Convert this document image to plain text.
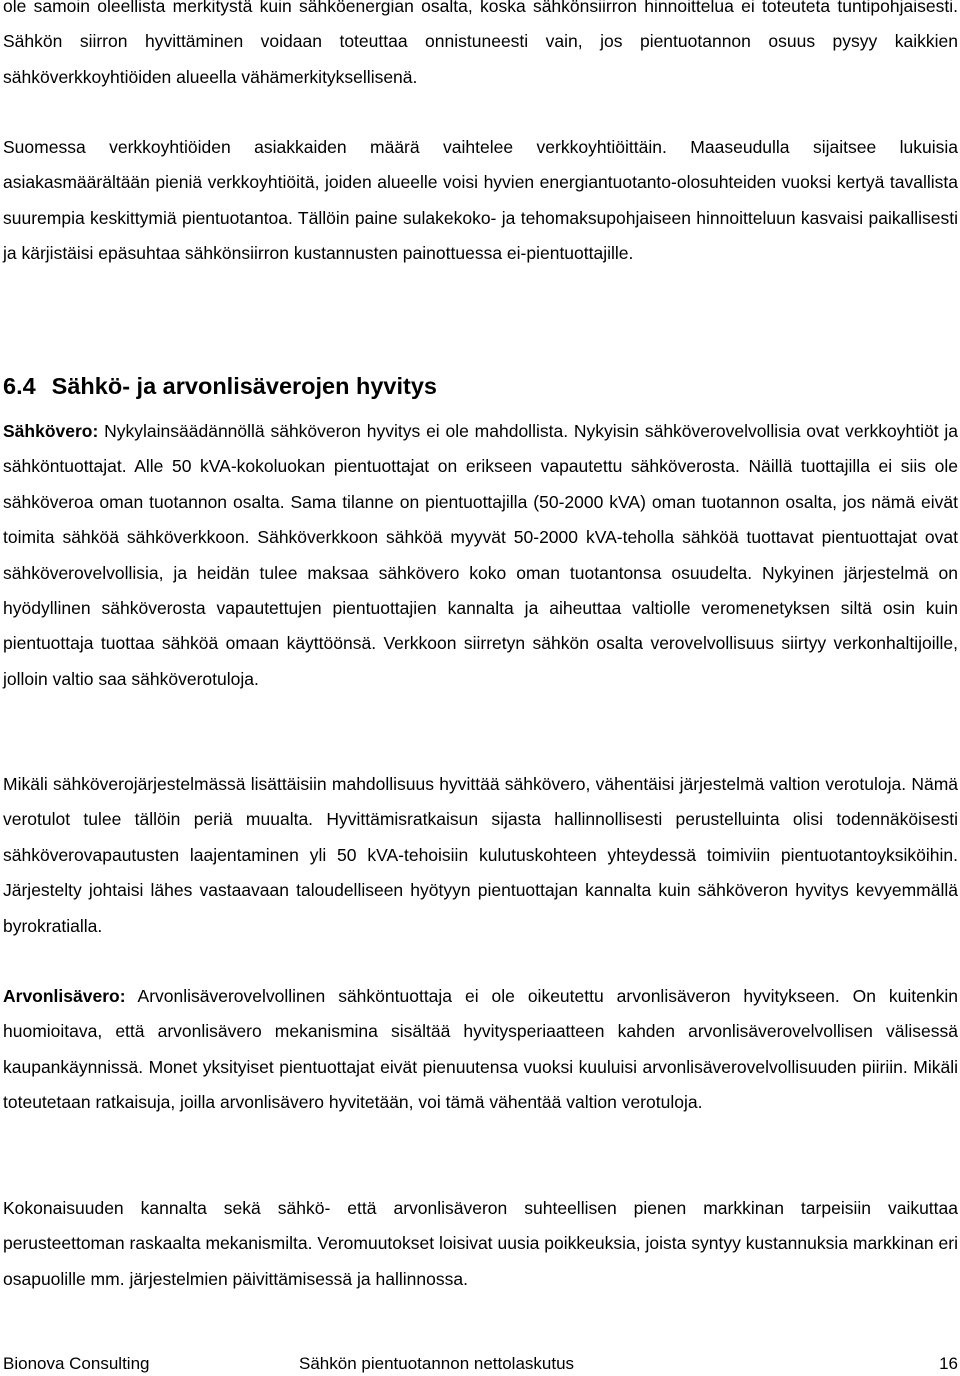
ole samoin oleellista merkitystä kuin sähköenergian osalta, koska sähkönsiirron hinnoittelua ei toteuteta tuntipohjaisesti. Sähkön siirron hyvittäminen voidaan toteuttaa onnistuneesti vain, jos pientuotannon osuus pysyy kaikkien sähköverkkoyhtiöiden alueella vähämerkityksellisenä.

Suomessa verkkoyhtiöiden asiakkaiden määrä vaihtelee verkkoyhtiöittäin. Maaseudulla sijaitsee lukuisia asiakasmäärältään pieniä verkkoyhtiöitä, joiden alueelle voisi hyvien energiantuotanto-olosuhteiden vuoksi kertyä tavallista suurempia keskittymiä pientuotantoa. Tällöin paine sulakekoko- ja tehomaksupohjaiseen hinnoitteluun kasvaisi paikallisesti ja kärjistäisi epäsuhtaa sähkönsiirron kustannusten painottuessa ei-pientuottajille.

6.4 Sähkö- ja arvonlisäverojen hyvitys

Sähkövero: Nykylainsäädännöllä sähköveron hyvitys ei ole mahdollista. Nykyisin sähköverovelvollisia ovat verkkoyhtiöt ja sähköntuottajat. Alle 50 kVA-kokoluokan pientuottajat on erikseen vapautettu sähköverosta. Näillä tuottajilla ei siis ole sähköveroa oman tuotannon osalta. Sama tilanne on pientuottajilla (50-2000 kVA) oman tuotannon osalta, jos nämä eivät toimita sähköä sähköverkkoon. Sähköverkkoon sähköä myyvät 50-2000 kVA-teholla sähköä tuottavat pientuottajat ovat sähköverovelvollisia, ja heidän tulee maksaa sähkövero koko oman tuotantonsa osuudelta. Nykyinen järjestelmä on hyödyllinen sähköverosta vapautettujen pientuottajien kannalta ja aiheuttaa valtiolle veromenetyksen siltä osin kuin pientuottaja tuottaa sähköä omaan käyttöönsä. Verkkoon siirretyn sähkön osalta verovelvollisuus siirtyy verkonhaltijoille, jolloin valtio saa sähköverotuloja.

Mikäli sähköverojärjestelmässä lisättäisiin mahdollisuus hyvittää sähkövero, vähentäisi järjestelmä valtion verotuloja. Nämä verotulot tulee tällöin periä muualta. Hyvittämisratkaisun sijasta hallinnollisesti perustelluinta olisi todennäköisesti sähköverovapautusten laajentaminen yli 50 kVA-tehoisiin kulutuskohteen yhteydessä toimiviin pientuotantoyksiköihin. Järjestelty johtaisi lähes vastaavaan taloudelliseen hyötyyn pientuottajan kannalta kuin sähköveron hyvitys kevyemmällä byrokratialla.

Arvonlisävero: Arvonlisäverovelvollinen sähköntuottaja ei ole oikeutettu arvonlisäveron hyvitykseen. On kuitenkin huomioitava, että arvonlisävero mekanismina sisältää hyvitysperiaatteen kahden arvonlisäverovelvollisen välisessä kaupankäynnissä. Monet yksityiset pientuottajat eivät pienuutensa vuoksi kuuluisi arvonlisäverovelvollisuuden piiriin. Mikäli toteutetaan ratkaisuja, joilla arvonlisävero hyvitetään, voi tämä vähentää valtion verotuloja.

Kokonaisuuden kannalta sekä sähkö- että arvonlisäveron suhteellisen pienen markkinan tarpeisiin vaikuttaa perusteettoman raskaalta mekanismilta. Veromuutokset loisivat uusia poikkeuksia, joista syntyy kustannuksia markkinan eri osapuolille mm. järjestelmien päivittämisessä ja hallinnossa.

Bionova Consulting	Sähkön pientuotannon nettolaskutus	16
